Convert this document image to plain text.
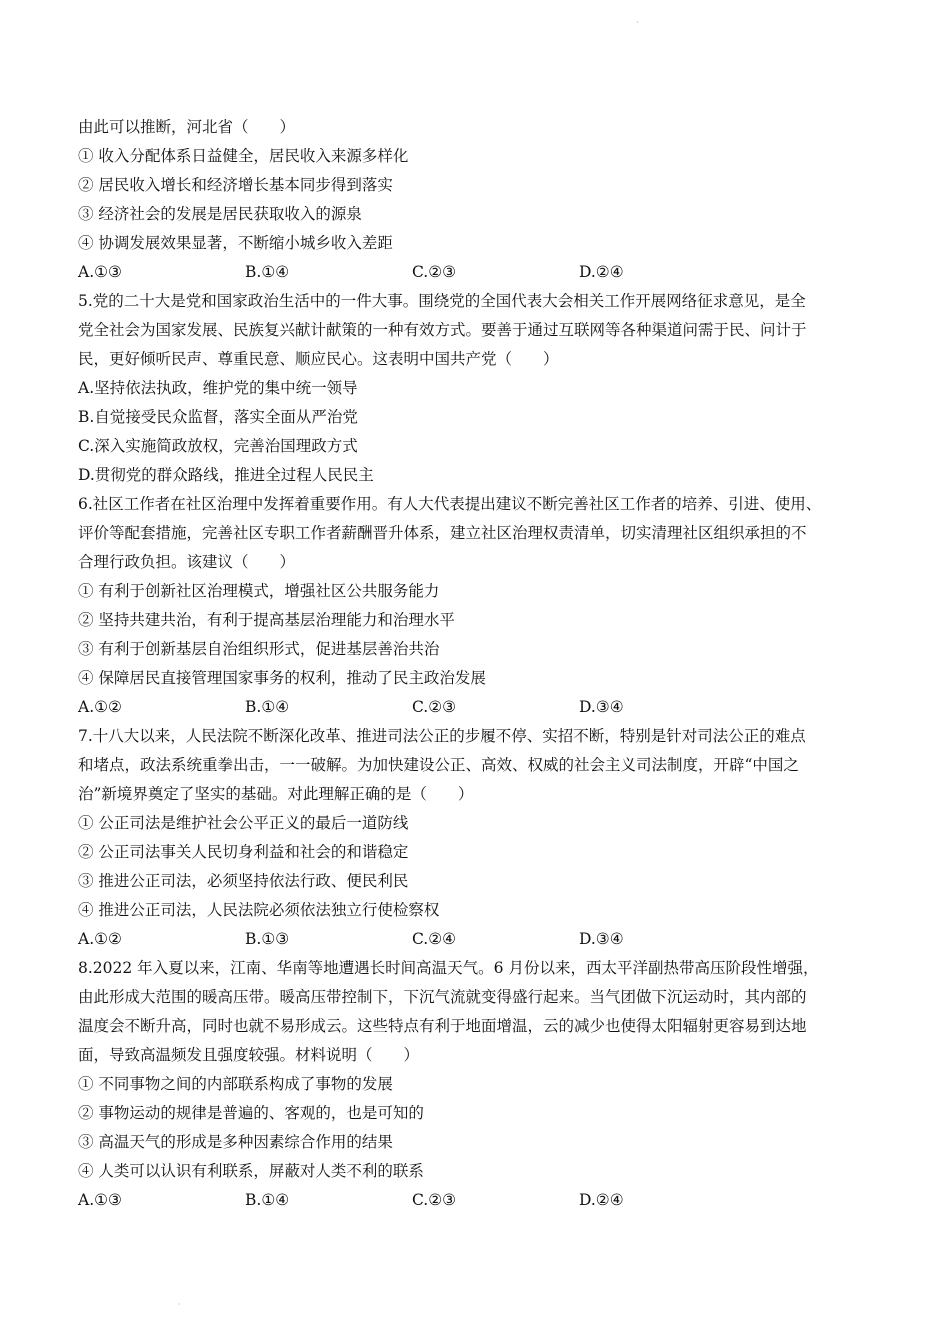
·
·
由此可以推断，河北省（　　）
① 收入分配体系日益健全，居民收入来源多样化
② 居民收入增长和经济增长基本同步得到落实
③ 经济社会的发展是居民获取收入的源泉
④ 协调发展效果显著，不断缩小城乡收入差距
A.①③	B.①④	C.②③	D.②④
5.党的二十大是党和国家政治生活中的一件大事。围绕党的全国代表大会相关工作开展网络征求意见，是全
党全社会为国家发展、民族复兴献计献策的一种有效方式。要善于通过互联网等各种渠道问需于民、问计于
民，更好倾听民声、尊重民意、顺应民心。这表明中国共产党（　　）
A.坚持依法执政，维护党的集中统一领导
B.自觉接受民众监督，落实全面从严治党
C.深入实施简政放权，完善治国理政方式
D.贯彻党的群众路线，推进全过程人民民主
6.社区工作者在社区治理中发挥着重要作用。有人大代表提出建议不断完善社区工作者的培养、引进、使用、
评价等配套措施，完善社区专职工作者薪酬晋升体系，建立社区治理权责清单，切实清理社区组织承担的不
合理行政负担。该建议（　　）
① 有利于创新社区治理模式，增强社区公共服务能力
② 坚持共建共治，有利于提高基层治理能力和治理水平
③ 有利于创新基层自治组织形式，促进基层善治共治
④ 保障居民直接管理国家事务的权利，推动了民主政治发展
A.①②	B.①④	C.②③	D.③④
7.十八大以来，人民法院不断深化改革、推进司法公正的步履不停、实招不断，特别是针对司法公正的难点
和堵点，政法系统重拳出击，一一破解。为加快建设公正、高效、权威的社会主义司法制度，开辟“中国之
治”新境界奠定了坚实的基础。对此理解正确的是（　　）
① 公正司法是维护社会公平正义的最后一道防线
② 公正司法事关人民切身利益和社会的和谐稳定
③ 推进公正司法，必须坚持依法行政、便民利民
④ 推进公正司法，人民法院必须依法独立行使检察权
A.①②	B.①③	C.②④	D.③④
8.2022 年入夏以来，江南、华南等地遭遇长时间高温天气。6 月份以来，西太平洋副热带高压阶段性增强，
由此形成大范围的暖高压带。暖高压带控制下，下沉气流就变得盛行起来。当气团做下沉运动时，其内部的
温度会不断升高，同时也就不易形成云。这些特点有利于地面增温，云的减少也使得太阳辐射更容易到达地
面，导致高温频发且强度较强。材料说明（　　）
① 不同事物之间的内部联系构成了事物的发展
② 事物运动的规律是普遍的、客观的，也是可知的
③ 高温天气的形成是多种因素综合作用的结果
④ 人类可以认识有利联系，屏蔽对人类不利的联系
A.①③	B.①④	C.②③	D.②④
